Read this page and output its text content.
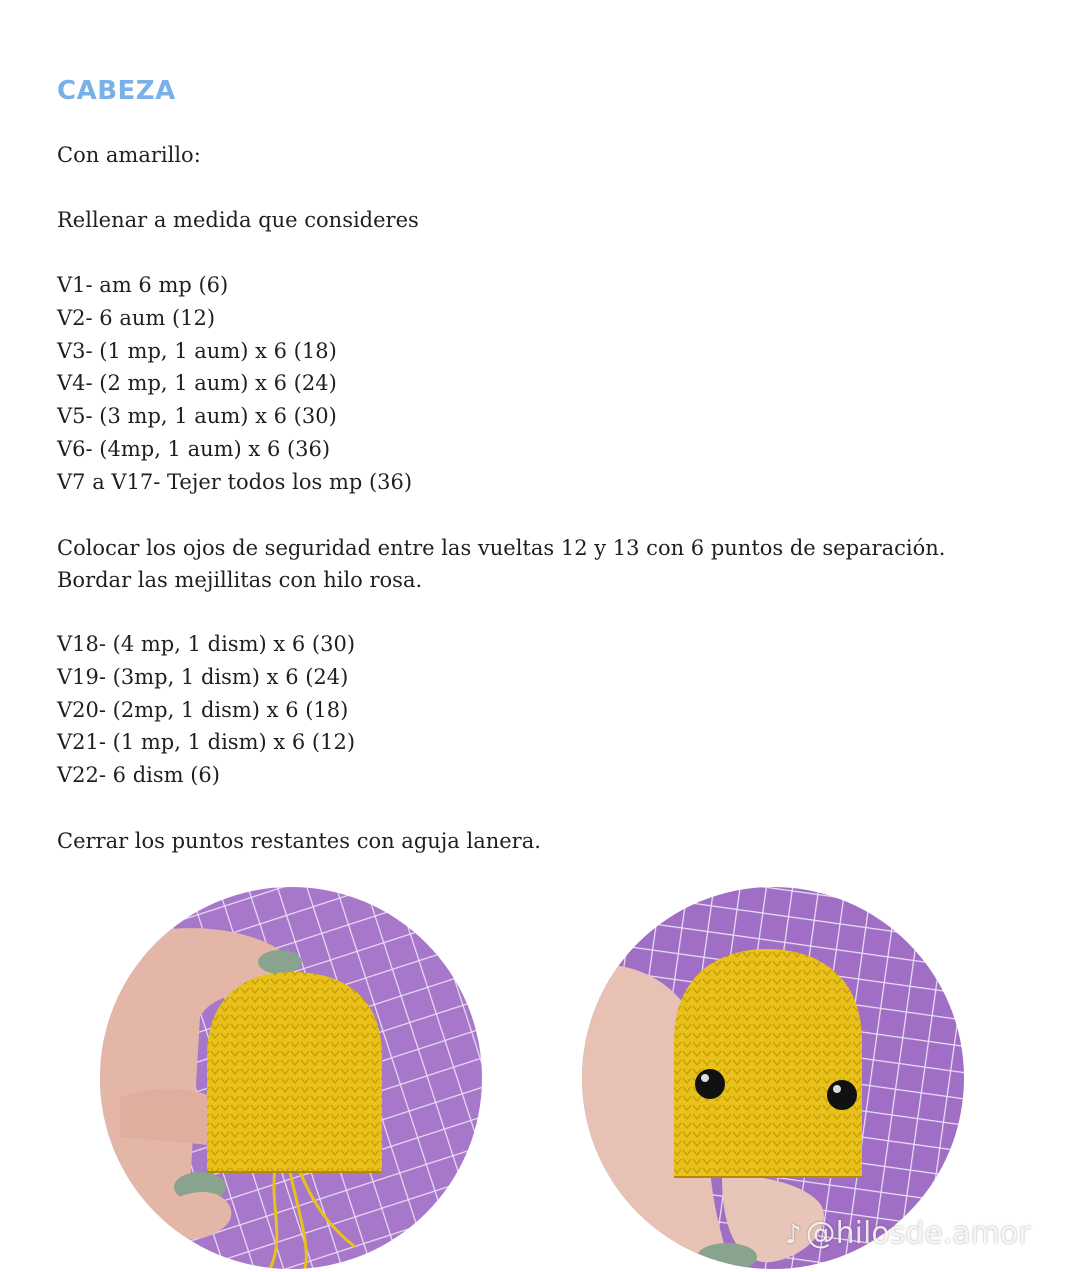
CABEZA
Con amarillo:
Rellenar a medida que consideres
V1- am 6 mp (6)
V2- 6 aum (12)
V3- (1 mp, 1 aum) x 6 (18)
V4- (2 mp, 1 aum) x 6 (24)
V5- (3 mp, 1 aum) x 6 (30)
V6- (4mp, 1 aum) x 6 (36)
V7 a V17- Tejer todos los mp (36)
Colocar los ojos de seguridad entre las vueltas 12 y 13 con 6 puntos de separación.
Bordar las mejillitas con hilo rosa.
V18- (4 mp, 1 dism) x 6 (30)
V19- (3mp, 1 dism) x 6 (24)
V20- (2mp, 1 dism) x 6 (18)
V21- (1 mp, 1 dism) x 6 (12)
V22- 6 dism (6)
Cerrar los puntos restantes con aguja lanera.
♪ @hilosde.amor
